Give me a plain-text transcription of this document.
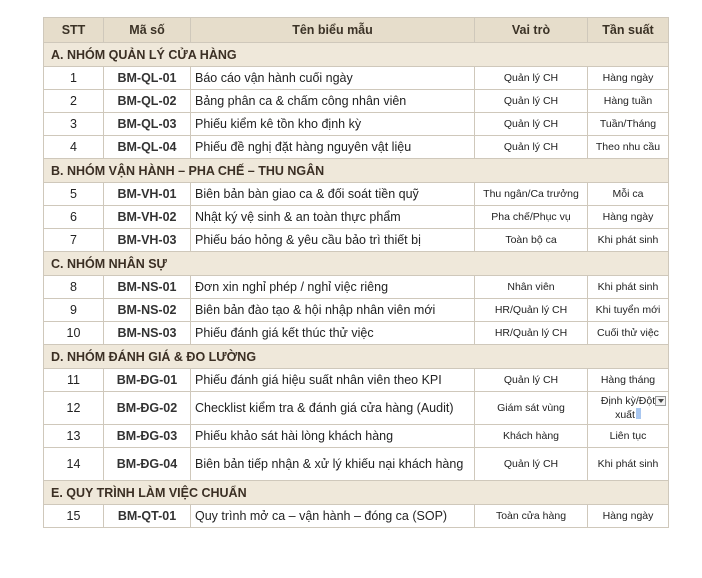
STT	Mã số	Tên biểu mẫu	Vai trò	Tần suất
A. NHÓM QUẢN LÝ CỬA HÀNG				
1	BM-QL-01	Báo cáo vận hành cuối ngày	Quản lý CH	Hàng ngày
2	BM-QL-02	Bảng phân ca & chấm công nhân viên	Quản lý CH	Hàng tuần
3	BM-QL-03	Phiếu kiểm kê tồn kho định kỳ	Quản lý CH	Tuần/Tháng
4	BM-QL-04	Phiếu đề nghị đặt hàng nguyên vật liệu	Quản lý CH	Theo nhu cầu
B. NHÓM VẬN HÀNH – PHA CHẾ – THU NGÂN				
5	BM-VH-01	Biên bản bàn giao ca & đối soát tiền quỹ	Thu ngân/Ca trưởng	Mỗi ca
6	BM-VH-02	Nhật ký vệ sinh & an toàn thực phẩm	Pha chế/Phục vụ	Hàng ngày
7	BM-VH-03	Phiếu báo hỏng & yêu cầu bảo trì thiết bị	Toàn bộ ca	Khi phát sinh
C. NHÓM NHÂN SỰ				
8	BM-NS-01	Đơn xin nghỉ phép / nghỉ việc riêng	Nhân viên	Khi phát sinh
9	BM-NS-02	Biên bản đào tạo & hội nhập nhân viên mới	HR/Quản lý CH	Khi tuyển mới
10	BM-NS-03	Phiếu đánh giá kết thúc thử việc	HR/Quản lý CH	Cuối thử việc
D. NHÓM ĐÁNH GIÁ & ĐO LƯỜNG				
11	BM-ĐG-01	Phiếu đánh giá hiệu suất nhân viên theo KPI	Quản lý CH	Hàng tháng
12	BM-ĐG-02	Checklist kiểm tra & đánh giá cửa hàng (Audit)	Giám sát vùng	Định kỳ/Đột xuất

13	BM-ĐG-03	Phiếu khảo sát hài lòng khách hàng	Khách hàng	Liên tục
14	BM-ĐG-04	Biên bản tiếp nhận & xử lý khiếu nại khách hàng	Quản lý CH	Khi phát sinh
E. QUY TRÌNH LÀM VIỆC CHUẨN				
15	BM-QT-01	Quy trình mở ca – vận hành – đóng ca (SOP)	Toàn cửa hàng	Hàng ngày
